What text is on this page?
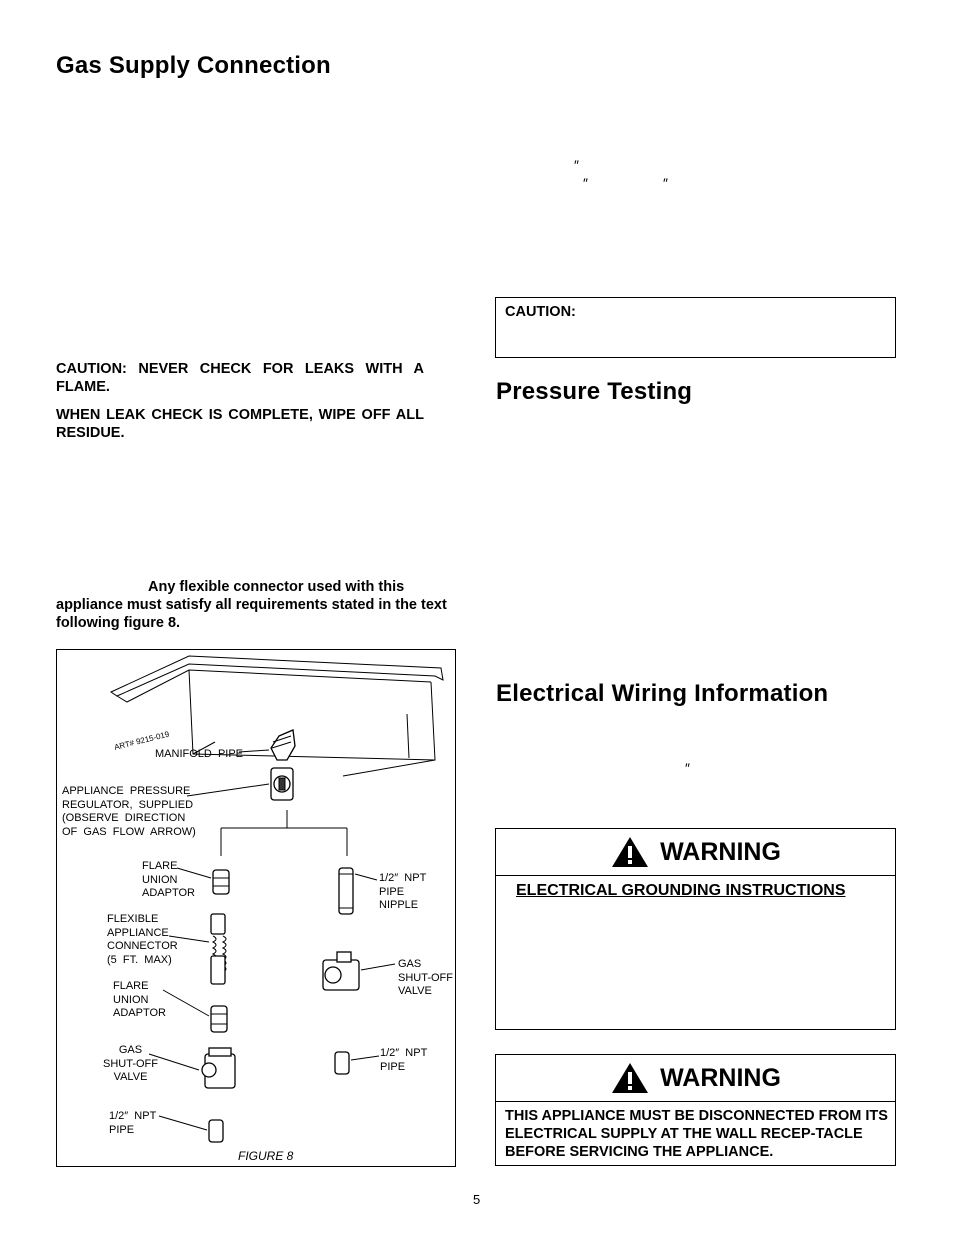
Gas Supply Connection
CAUTION: NEVER CHECK FOR LEAKS WITH A FLAME.
WHEN LEAK CHECK IS COMPLETE, WIPE OFF ALL RESIDUE.
Any flexible connector used with this appliance must satisfy all requirements stated in the text following figure 8.
ART# 9215-019
MANIFOLD  PIPE
APPLIANCE  PRESSURE
REGULATOR,  SUPPLIED
(OBSERVE  DIRECTION
OF  GAS  FLOW  ARROW)
FLARE
UNION
ADAPTOR
1/2″  NPT
PIPE
NIPPLE
FLEXIBLE
APPLIANCE
CONNECTOR
(5  FT.  MAX)	GAS
SHUT-OFF
VALVE
FLARE
UNION
ADAPTOR
GAS
SHUT-OFF
VALVE
1/2″  NPT
PIPE
1/2″  NPT
PIPE
FIGURE 8
″
″	″
CAUTION:
Pressure Testing
Electrical Wiring Information
″
WARNING
ELECTRICAL GROUNDING INSTRUCTIONS
WARNING
THIS APPLIANCE MUST BE DISCONNECTED FROM ITS ELECTRICAL SUPPLY AT THE WALL RECEP-TACLE BEFORE SERVICING THE APPLIANCE.
5
